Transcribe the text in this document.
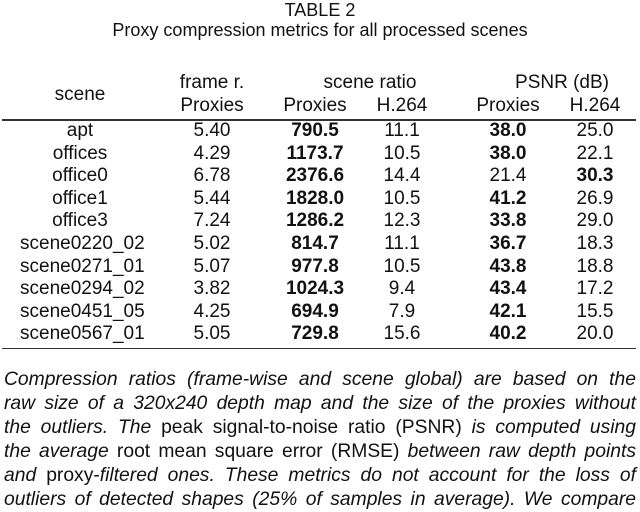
TABLE 2
Proxy compression metrics for all processed scenes
scene
frame r.	scene ratio	PSNR (dB)
Proxies	Proxies	H.264	Proxies	H.264
apt	5.40	790.5	11.1	38.0	25.0
offices	4.29	1173.7	10.5	38.0	22.1
office0	6.78	2376.6	14.4	21.4	30.3
office1	5.44	1828.0	10.5	41.2	26.9
office3	7.24	1286.2	12.3	33.8	29.0
scene0220_02	5.02	814.7	11.1	36.7	18.3
scene0271_01	5.07	977.8	10.5	43.8	18.8
scene0294_02	3.82	1024.3	9.4	43.4	17.2
scene0451_05	4.25	694.9	7.9	42.1	15.5
scene0567_01	5.05	729.8	15.6	40.2	20.0
Compression ratios (frame-wise and scene global) are based on the
raw size of a 320x240 depth map and the size of the proxies without
the outliers. The peak signal-to-noise ratio (PSNR) is computed using
the average root mean square error (RMSE) between raw depth points
and proxy-filtered ones. These metrics do not account for the loss of
outliers of detected shapes (25% of samples in average). We compare
